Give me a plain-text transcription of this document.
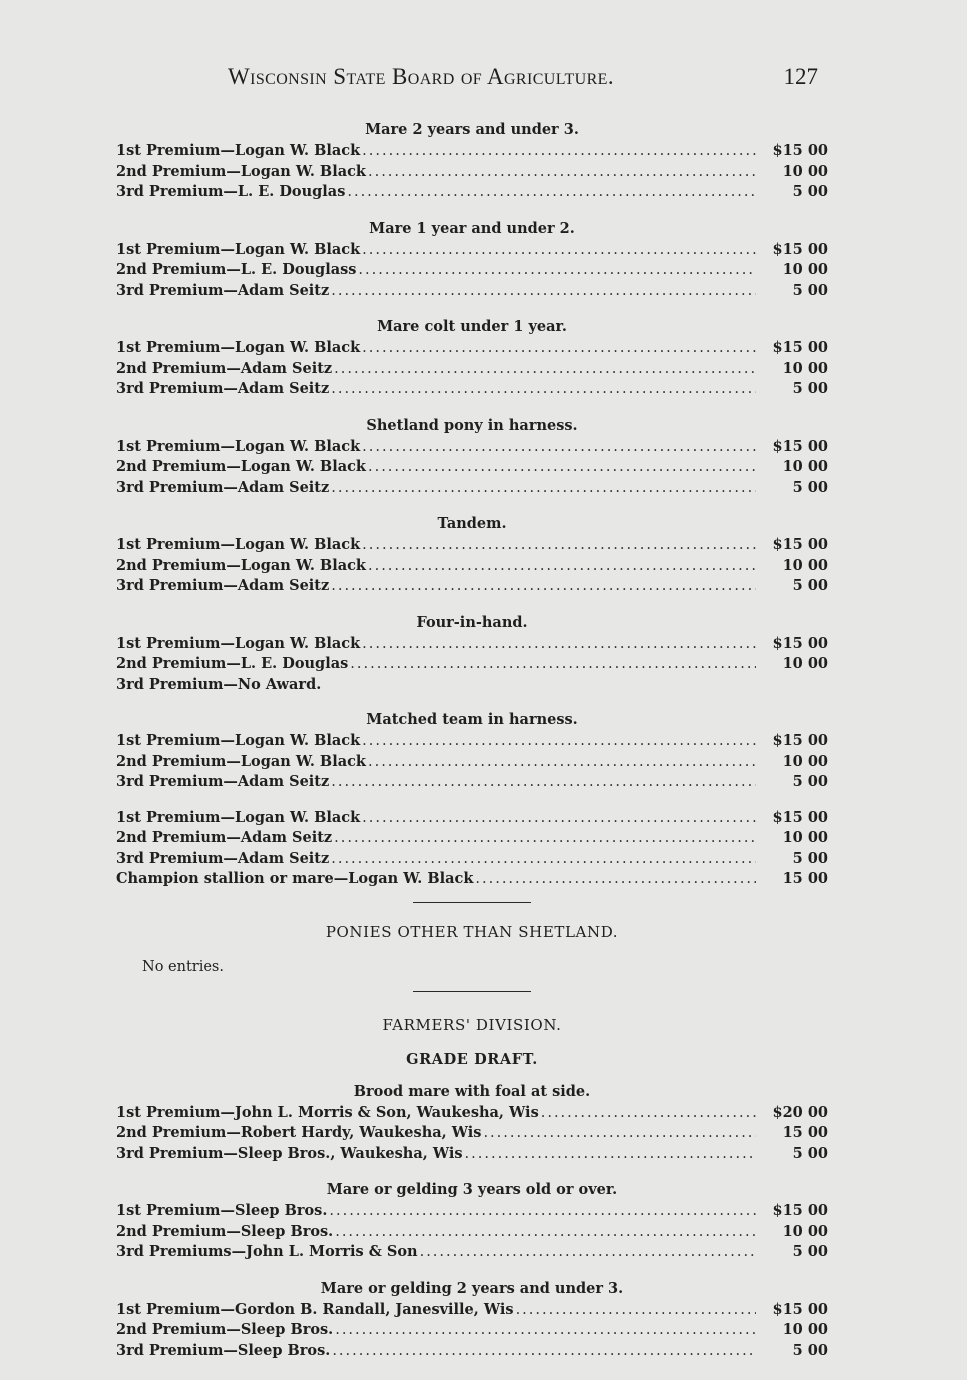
Wisconsin State Board of Agriculture.	127
Mare 2 years and under 3.
1st Premium—Logan W. Black .....	$15 00
2nd Premium—Logan W. Black .....	10 00
3rd Premium—L. E. Douglas .....	5 00
Mare 1 year and under 2.
1st Premium—Logan W. Black .....	$15 00
2nd Premium—L. E. Douglass .....	10 00
3rd Premium—Adam Seitz .....	5 00
Mare colt under 1 year.
1st Premium—Logan W. Black .....	$15 00
2nd Premium—Adam Seitz .....	10 00
3rd Premium—Adam Seitz .....	5 00
Shetland pony in harness.
1st Premium—Logan W. Black .....	$15 00
2nd Premium—Logan W. Black .....	10 00
3rd Premium—Adam Seitz .....	5 00
Tandem.
1st Premium—Logan W. Black .....	$15 00
2nd Premium—Logan W. Black .....	10 00
3rd Premium—Adam Seitz .....	5 00
Four-in-hand.
1st Premium—Logan W. Black .....	$15 00
2nd Premium—L. E. Douglas .....	10 00
3rd Premium—No Award.
Matched team in harness.
1st Premium—Logan W. Black .....	$15 00
2nd Premium—Logan W. Black .....	10 00
3rd Premium—Adam Seitz .....	5 00
1st Premium—Logan W. Black .....	$15 00
2nd Premium—Adam Seitz .....	10 00
3rd Premium—Adam Seitz .....	5 00
Champion stallion or mare—Logan W. Black .....	15 00
PONIES OTHER THAN SHETLAND.
No entries.
FARMERS' DIVISION.
GRADE DRAFT.
Brood mare with foal at side.
1st Premium—John L. Morris & Son, Waukesha, Wis .....	$20 00
2nd Premium—Robert Hardy, Waukesha, Wis .....	15 00
3rd Premium—Sleep Bros., Waukesha, Wis .....	5 00
Mare or gelding 3 years old or over.
1st Premium—Sleep Bros. .....	$15 00
2nd Premium—Sleep Bros. .....	10 00
3rd Premiums—John L. Morris & Son .....	5 00
Mare or gelding 2 years and under 3.
1st Premium—Gordon B. Randall, Janesville, Wis .....	$15 00
2nd Premium—Sleep Bros. .....	10 00
3rd Premium—Sleep Bros. .....	5 00
